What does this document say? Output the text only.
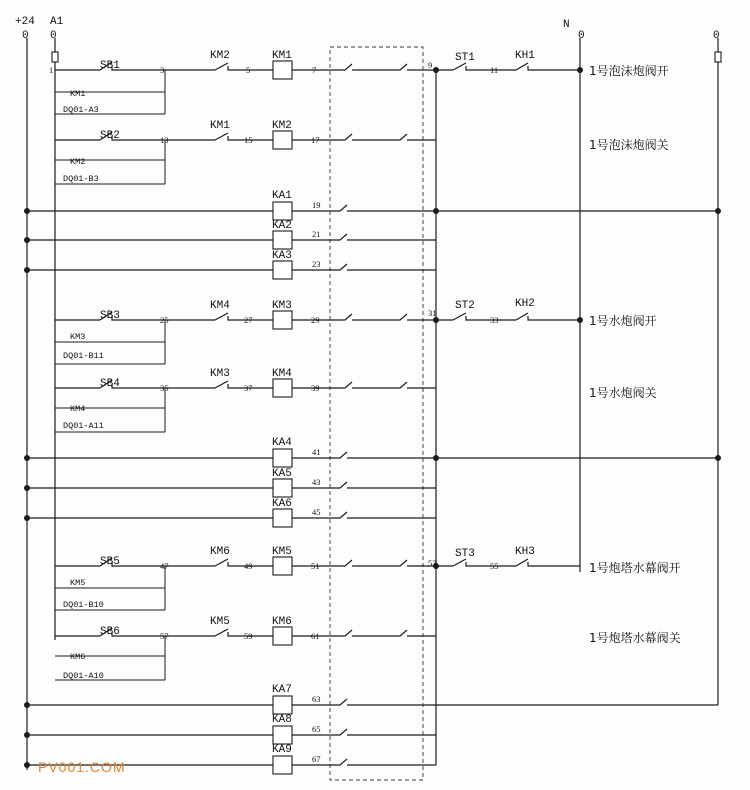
+24
0
A1
0
N
0	0
1	SB1	3
KM1
DQ01-A3
SB2	13
KM2
DQ01-B3
SB3	25
KM3
DQ01-B11
SB4	35
KM4
DQ01-A11
SB5	47
KM5
DQ01-B10
SB6	57
KM6
DQ01-A10
KM2
5
KM1
15
KM4
27
KM3
37
KM6
49
KM5
59
KM1
7
KM2
17
KA1
19
KA2
21
KA3
23
KM3
29
KM4
39
KA4
41
KA5
43
KA6
45
KM5
51
KM6
61
KA7
63
KA8
65
KA9
67
9
ST1
11
KH1
31
ST2
33
KH2
53
ST3
55
KH3
1号泡沫炮阀开
1号泡沫炮阀关
1号水炮阀开
1号水炮阀关
1号炮塔水幕阀开
1号炮塔水幕阀关
PV001.COM
